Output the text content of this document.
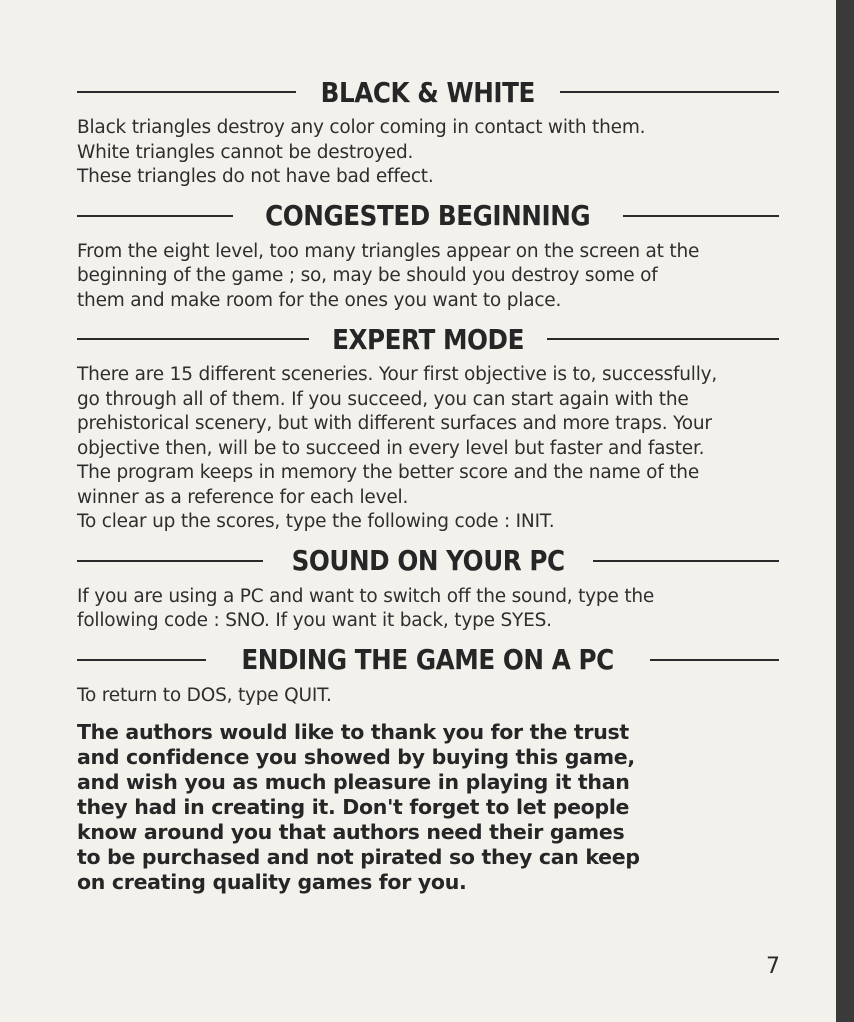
BLACK & WHITE
Black triangles destroy any color coming in contact with them.
White triangles cannot be destroyed.
These triangles do not have bad effect.
CONGESTED BEGINNING
From the eight level, too many triangles appear on the screen at the
beginning of the game ; so, may be should you destroy some of
them and make room for the ones you want to place.
EXPERT MODE
There are 15 different sceneries. Your first objective is to, successfully,
go through all of them. If you succeed, you can start again with the
prehistorical scenery, but with different surfaces and more traps. Your
objective then, will be to succeed in every level but faster and faster.
The program keeps in memory the better score and the name of the
winner as a reference for each level.
To clear up the scores, type the following code : INIT.
SOUND ON YOUR PC
If you are using a PC and want to switch off the sound, type the
following code : SNO. If you want it back, type SYES.
ENDING THE GAME ON A PC
To return to DOS, type QUIT.
The authors would like to thank you for the trust
and confidence you showed by buying this game,
and wish you as much pleasure in playing it than
they had in creating it. Don't forget to let people
know around you that authors need their games
to be purchased and not pirated so they can keep
on creating quality games for you.
7
